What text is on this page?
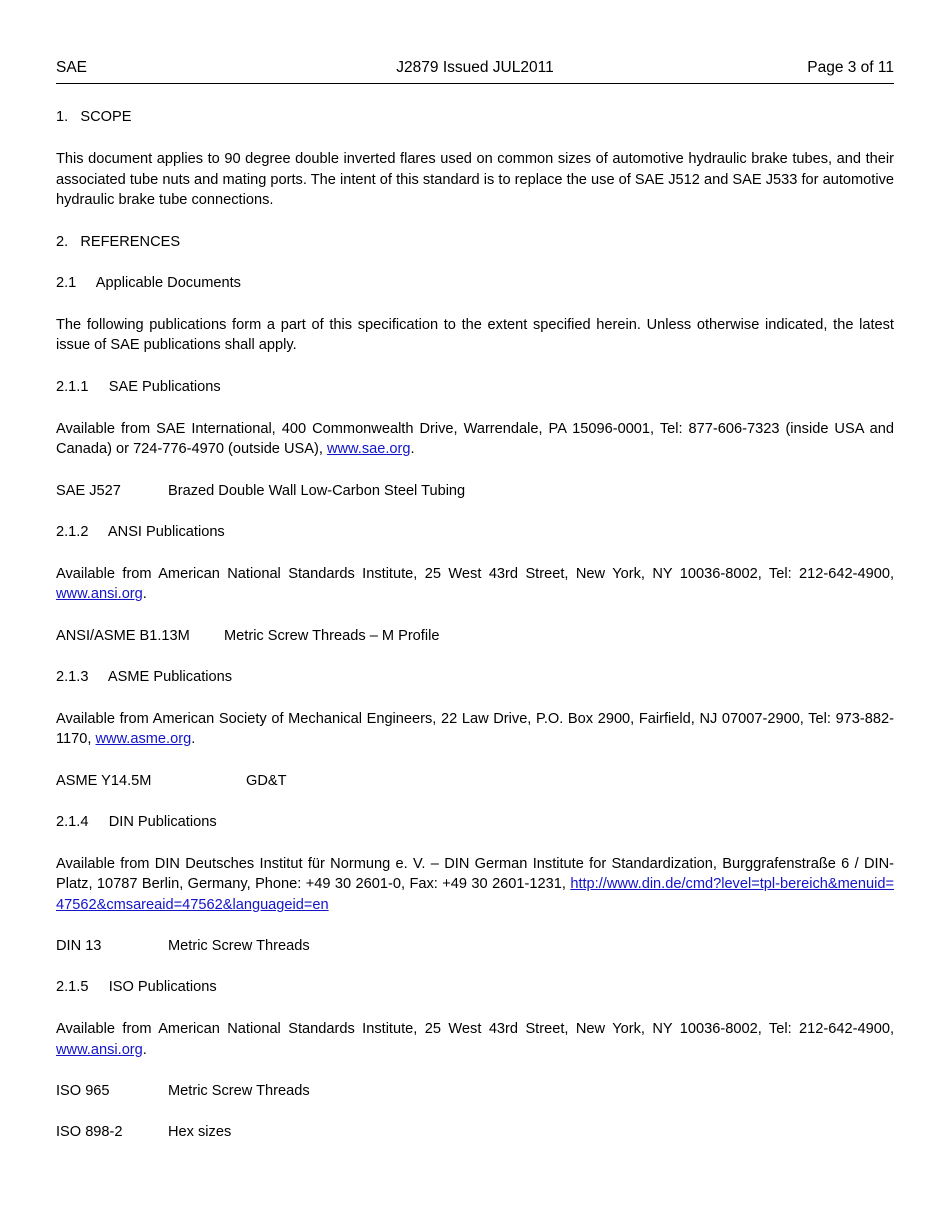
SAE	J2879 Issued JUL2011	Page 3 of 11
1.   SCOPE

This document applies to 90 degree double inverted flares used on common sizes of automotive hydraulic brake tubes, and their associated tube nuts and mating ports. The intent of this standard is to replace the use of SAE J512 and SAE J533 for automotive hydraulic brake tube connections.

2.   REFERENCES
2.1     Applicable Documents

The following publications form a part of this specification to the extent specified herein. Unless otherwise indicated, the latest issue of SAE publications shall apply.

2.1.1     SAE Publications

Available from SAE International, 400 Commonwealth Drive, Warrendale, PA 15096-0001, Tel: 877-606-7323 (inside USA and Canada) or 724-776-4970 (outside USA), www.sae.org.

SAE J527	Brazed Double Wall Low-Carbon Steel Tubing
2.1.2     ANSI Publications

Available from American National Standards Institute, 25 West 43rd Street, New York, NY 10036-8002, Tel: 212-642-4900, www.ansi.org.

ANSI/ASME B1.13M Metric Screw Threads – M Profile
2.1.3     ASME Publications

Available from American Society of Mechanical Engineers, 22 Law Drive, P.O. Box 2900, Fairfield, NJ 07007-2900, Tel: 973-882-1170, www.asme.org.

ASME Y14.5M	GD&T
2.1.4     DIN Publications

Available from DIN Deutsches Institut für Normung e. V. – DIN German Institute for Standardization, Burggrafenstraße 6 / DIN-Platz, 10787 Berlin, Germany, Phone: +49 30 2601-0, Fax: +49 30 2601-1231, http://www.din.de/cmd?level=tpl-bereich&menuid=47562&cmsareaid=47562&languageid=en

DIN 13	Metric Screw Threads
2.1.5     ISO Publications

Available from American National Standards Institute, 25 West 43rd Street, New York, NY 10036-8002, Tel: 212-642-4900, www.ansi.org.

ISO 965	Metric Screw Threads
ISO 898-2	Hex sizes
